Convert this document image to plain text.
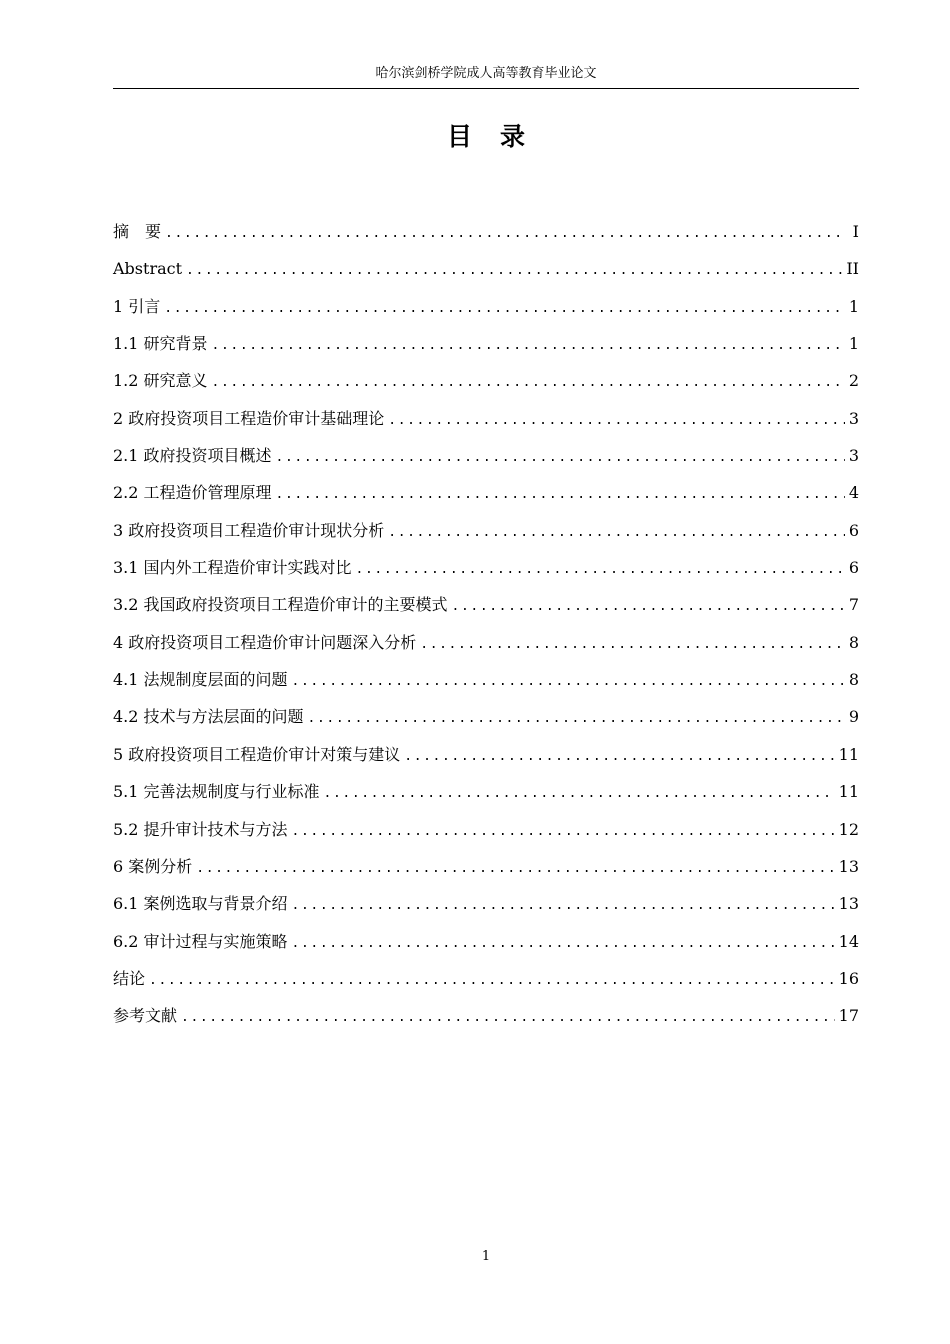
哈尔滨剑桥学院成人高等教育毕业论文
目录
摘　要 .....	I
Abstract .....	II
1 引言 .....	1
1.1 研究背景 .....	1
1.2 研究意义 .....	2
2 政府投资项目工程造价审计基础理论 .....	3
2.1 政府投资项目概述 .....	3
2.2 工程造价管理原理 .....	4
3 政府投资项目工程造价审计现状分析 .....	6
3.1 国内外工程造价审计实践对比 .....	6
3.2 我国政府投资项目工程造价审计的主要模式 .....	7
4 政府投资项目工程造价审计问题深入分析 .....	8
4.1 法规制度层面的问题 .....	8
4.2 技术与方法层面的问题 .....	9
5 政府投资项目工程造价审计对策与建议 .....	11
5.1 完善法规制度与行业标准 .....	11
5.2 提升审计技术与方法 .....	12
6 案例分析 .....	13
6.1 案例选取与背景介绍 .....	13
6.2 审计过程与实施策略 .....	14
结论 .....	16
参考文献 .....	17
1
